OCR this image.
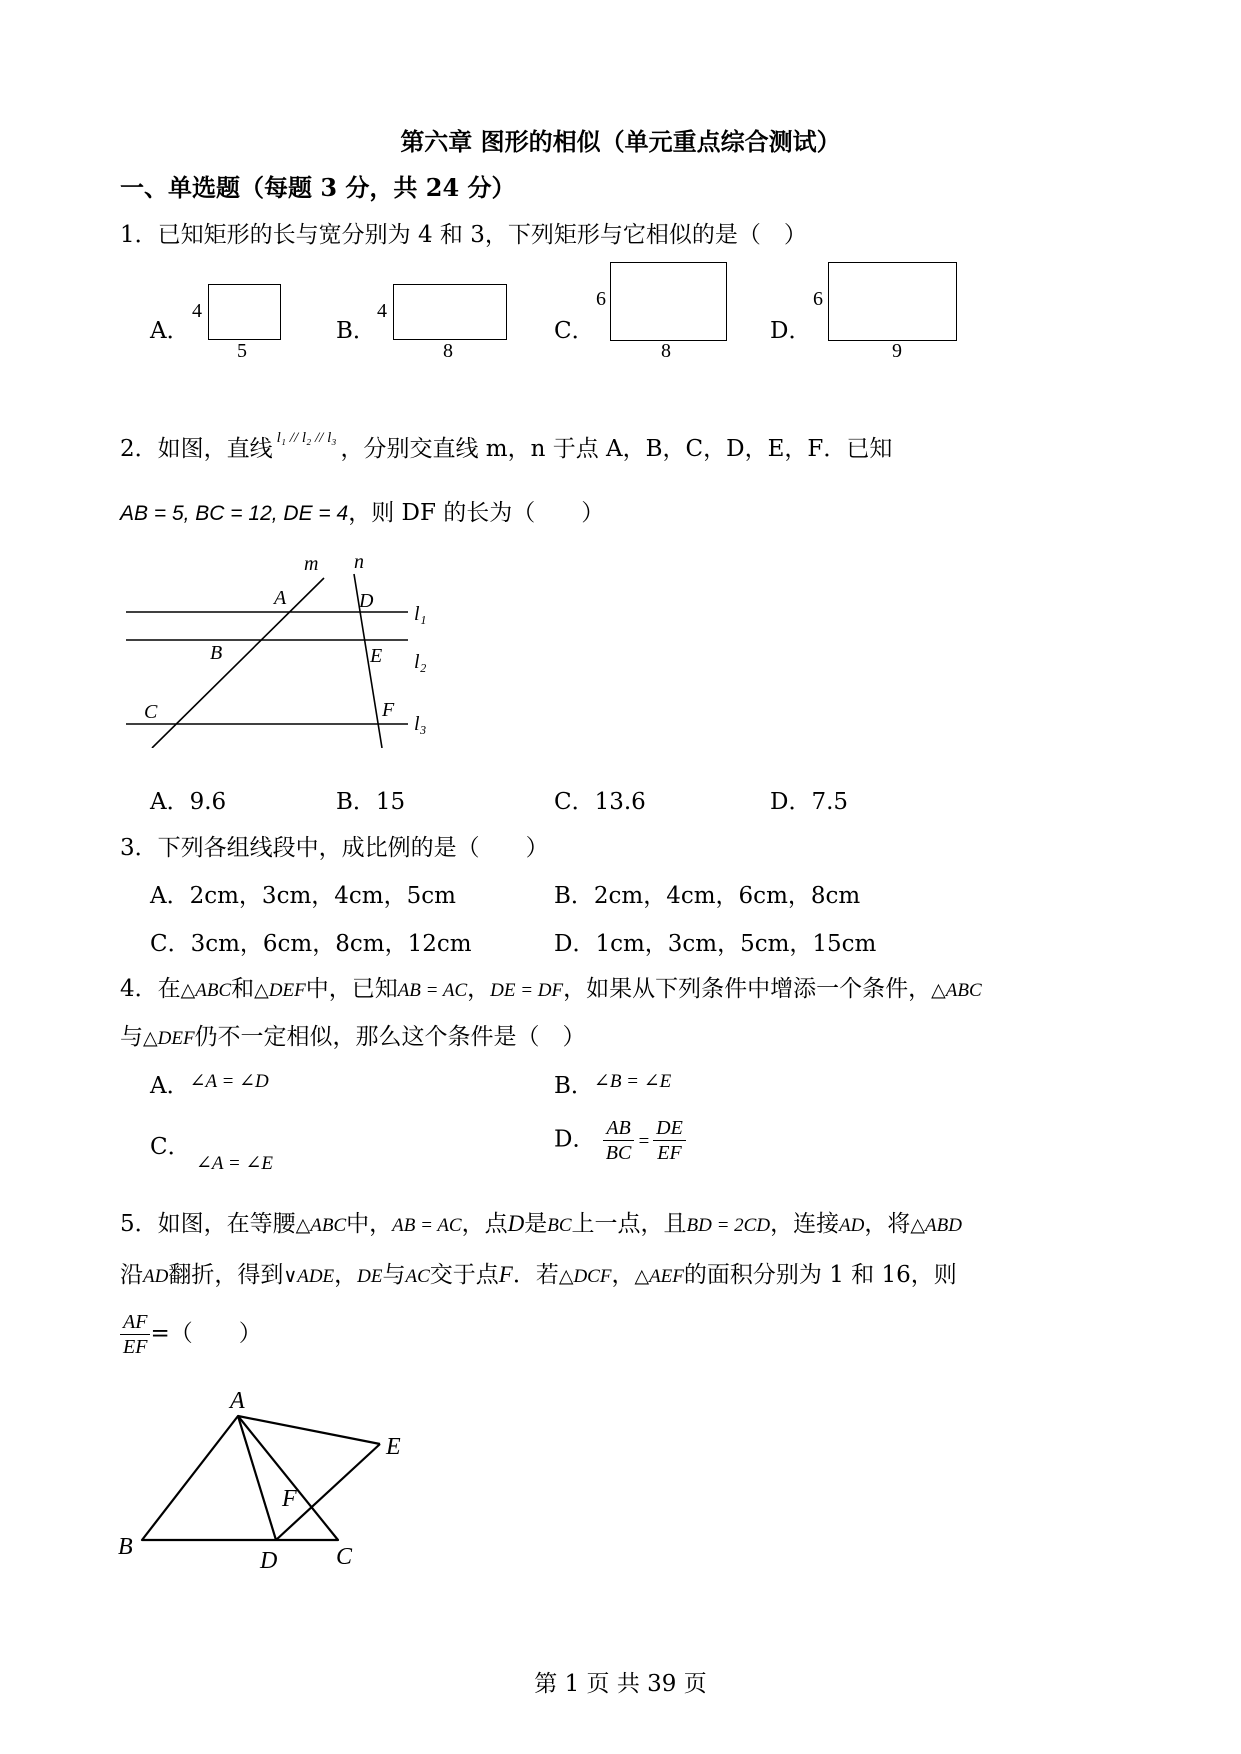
第六章 图形的相似（单元重点综合测试）
一、单选题（每题 3 分，共 24 分）
1．已知矩形的长与宽分别为 4 和 3，下列矩形与它相似的是（　）
A．
4
5
B．
4
8
C．
6
8
D．
6
9
2．如图，直线 $^{l_1 // l_2 // l_3}$ ，分别交直线 m，n 于点 A，B，C，D，E，F．已知
AB = 5, BC = 12, DE = 4，则 DF 的长为（　　）
m n
A	D
B	E
C	F
l₁
l₂
l₃
A．9.6	B．15	C．13.6	D．7.5
3．下列各组线段中，成比例的是（　　）
A．2cm，3cm，4cm，5cm	B．2cm，4cm，6cm，8cm
C．3cm，6cm，8cm，12cm	D．1cm，3cm，5cm，15cm
4．在△ABC和△DEF中，已知AB = AC，DE = DF，如果从下列条件中增添一个条件，△ABC
与△DEF仍不一定相似，那么这个条件是（　）
A．$^{\angle A = \angle D}$	B．$^{\angle B = \angle E}$
C．
∠A = ∠E
D． $\frac{AB}{BC} = \frac{DE}{EF}$
5．如图，在等腰△ABC中，AB = AC，点D是BC上一点，且BD = 2CD，连接AD，将△ABD
沿AD翻折，得到∨ADE，DE与AC交于点F．若△DCF，△AEF的面积分别为 1 和 16，则
$\frac{AF}{EF}$ =（　　）
A
B
D C
E
F
第 1 页 共 39 页
